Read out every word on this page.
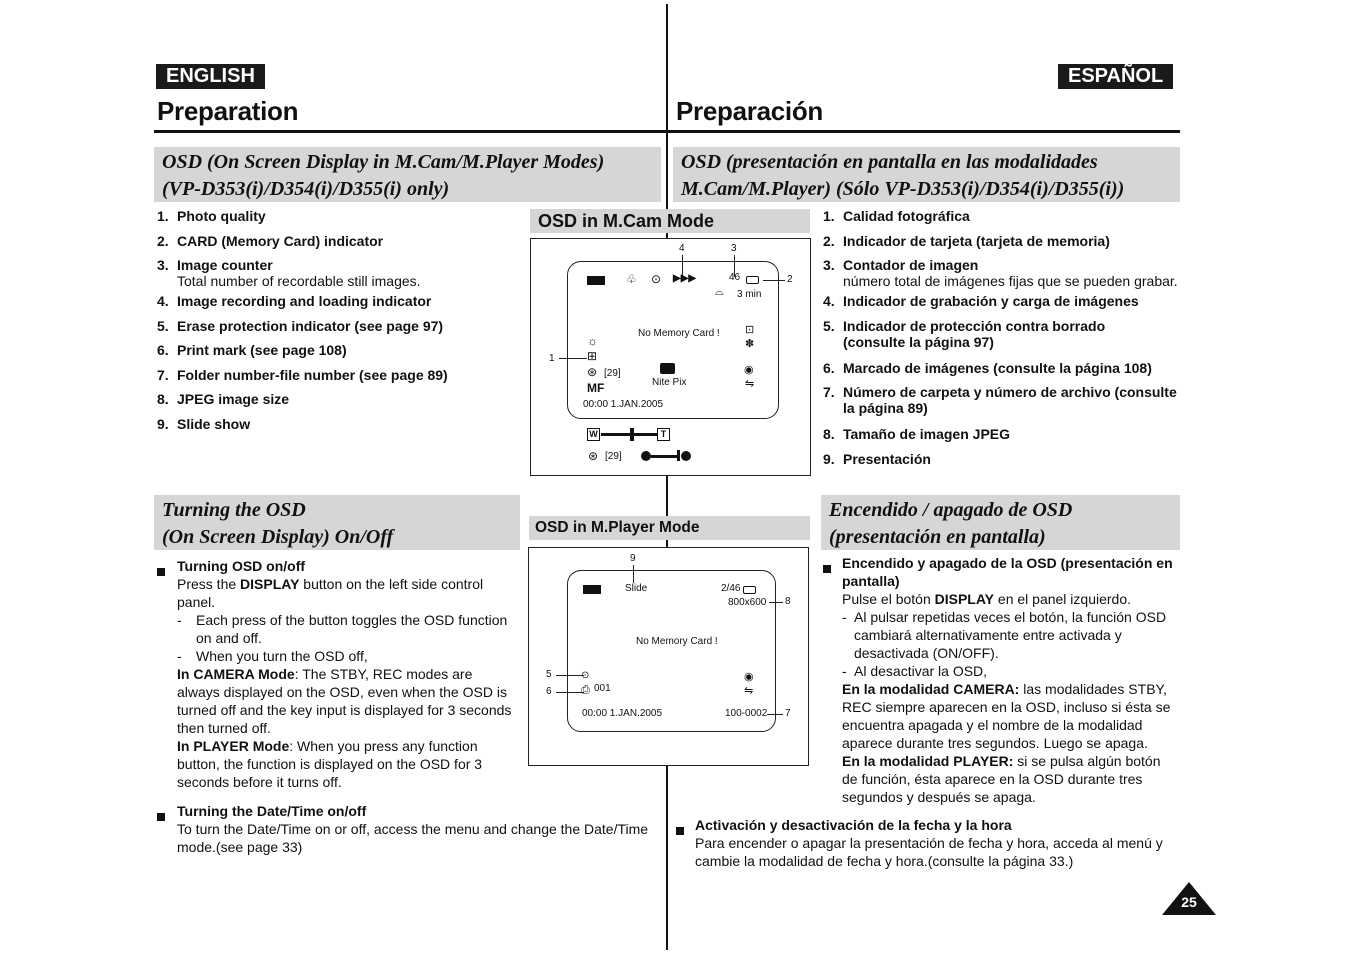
ENGLISH	ESPAÑOL
Preparation	Preparación
OSD (On Screen Display in M.Cam/M.Player Modes)
(VP-D353(i)/D354(i)/D355(i) only)
OSD (presentación en pantalla en las modalidades
M.Cam/M.Player) (Sólo VP-D353(i)/D354(i)/D355(i))
1. Photo quality
2. CARD (Memory Card) indicator
3. Image counter
Total number of recordable still images.
4. Image recording and loading indicator
5. Erase protection indicator (see page 97)
6. Print mark (see page 108)
7. Folder number-file number (see page 89)
8. JPEG image size
9. Slide show
1. Calidad fotográfica
2. Indicador de tarjeta (tarjeta de memoria)
3. Contador de imagen
número total de imágenes fijas que se pueden grabar.
4. Indicador de grabación y carga de imágenes
5. Indicador de protección contra borrado (consulte la página 97)
6. Marcado de imágenes (consulte la página 108)
7. Número de carpeta y número de archivo (consulte la página 89)
8. Tamaño de imagen JPEG
9. Presentación
OSD in M.Cam Mode
4	3
2
1
♧ ⊙ ▶▶▶	46
⌓ 3 min
No Memory Card ! ⊡
✽
☼
⊞
⊛ [29]
Nite Pix
◉
⇋
MF
00:00 1.JAN.2005
W	T
⊛ [29]
Turning the OSD
(On Screen Display) On/Off
Encendido / apagado de OSD
(presentación en pantalla)
OSD in M.Player Mode
9
8
5
6
7
Slide	2/46
800x600
No Memory Card !
◉
⇋
⊙
⎙ 001
00:00 1.JAN.2005	100-0002
Turning OSD on/off
Press the DISPLAY button on the left side control panel.
-	Each press of the button toggles the OSD function on and off.
-	When you turn the OSD off,
In CAMERA Mode: The STBY, REC modes are always displayed on the OSD, even when the OSD is turned off and the key input is displayed for 3 seconds then turned off.
In PLAYER Mode: When you press any function button, the function is displayed on the OSD for 3 seconds before it turns off.
Turning the Date/Time on/off
To turn the Date/Time on or off, access the menu and change the Date/Time mode.(see page 33)
Encendido y apagado de la OSD (presentación en pantalla)
Pulse el botón DISPLAY en el panel izquierdo.
- Al pulsar repetidas veces el botón, la función OSD cambiará alternativamente entre activada y desactivada (ON/OFF).
- Al desactivar la OSD,
En la modalidad CAMERA: las modalidades STBY, REC siempre aparecen en la OSD, incluso si ésta se encuentra apagada y el nombre de la modalidad aparece durante tres segundos. Luego se apaga.
En la modalidad PLAYER: si se pulsa algún botón de función, ésta aparece en la OSD durante tres segundos y después se apaga.
Activación y desactivación de la fecha y la hora
Para encender o apagar la presentación de fecha y hora, acceda al menú y cambie la modalidad de fecha y hora.(consulte la página 33.)
25
